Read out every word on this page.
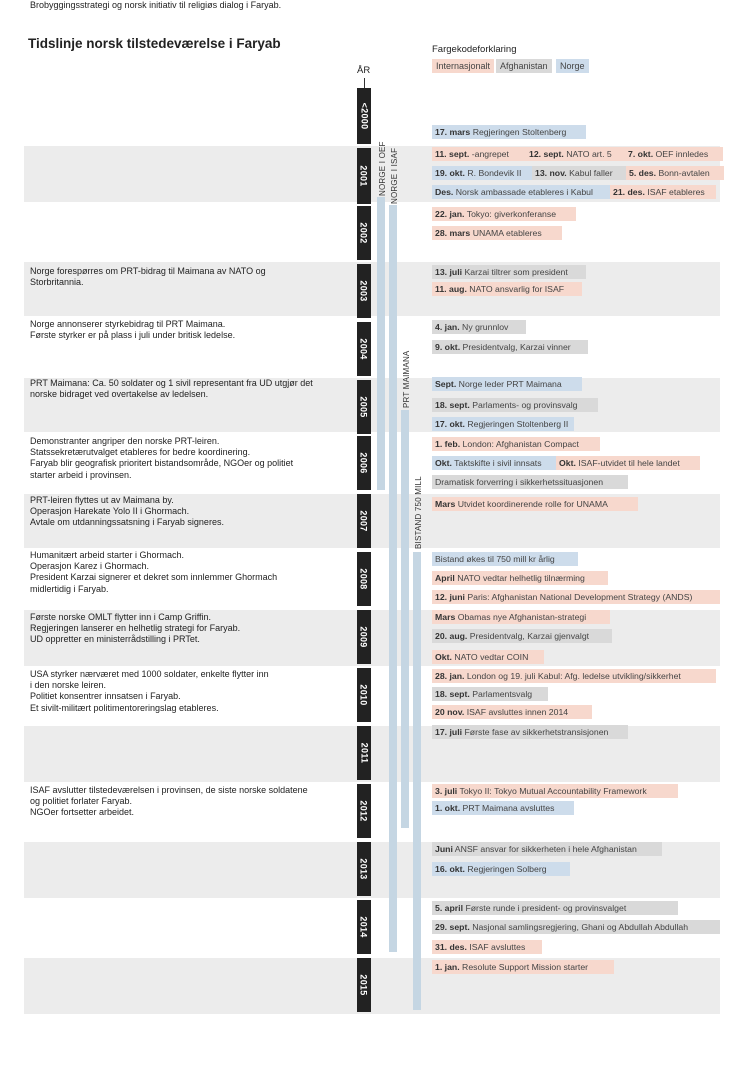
Tidslinje norsk tilstedeværelse i Faryab	Fargekodeforklaring
Internasjonalt	Afghanistan	Norge
ÅR
<2000
17. mars Regjeringen Stoltenberg
2001
11. sept. -angrepet	12. sept. NATO art. 5	7. okt. OEF innledes
19. okt. R. Bondevik II	13. nov. Kabul faller	5. des. Bonn-avtalen
Des. Norsk ambassade etableres i Kabul	21. des. ISAF etableres
2002
22. jan. Tokyo: giverkonferanse
28. mars UNAMA etableres
2003
Norge forespørres om PRT-bidrag til Maimana av NATO og
Storbritannia.
13. juli Karzai tiltrer som president
11. aug. NATO ansvarlig for ISAF
2004
Norge annonserer styrkebidrag til PRT Maimana.
Første styrker er på plass i juli under britisk ledelse.
4. jan. Ny grunnlov
9. okt. Presidentvalg, Karzai vinner
2005
PRT Maimana: Ca. 50 soldater og 1 sivil representant fra UD utgjør det
norske bidraget ved overtakelse av ledelsen.
Sept. Norge leder PRT Maimana
18. sept. Parlaments- og provinsvalg
17. okt. Regjeringen Stoltenberg II
2006
Demonstranter angriper den norske PRT-leiren.
Statssekretærutvalget etableres for bedre koordinering.
Faryab blir geografisk prioritert bistandsområde, NGOer og politiet
starter arbeid i provinsen.
1. feb. London: Afghanistan Compact
Okt. Taktskifte i sivil innsats	Okt. ISAF-utvidet til hele landet
Dramatisk forverring i sikkerhetssituasjonen
2007
PRT-leiren flyttes ut av Maimana by.
Operasjon Harekate Yolo II i Ghormach.
Avtale om utdanningssatsning i Faryab signeres.
Mars Utvidet koordinerende rolle for UNAMA
2008
Humanitært arbeid starter i Ghormach.
Operasjon Karez i Ghormach.
President Karzai signerer et dekret som innlemmer Ghormach
midlertidig i Faryab.
Bistand økes til 750 mill kr årlig
April NATO vedtar helhetlig tilnærming
12. juni Paris: Afghanistan National Development Strategy (ANDS)
2009
Første norske OMLT flytter inn i Camp Griffin.
Regjeringen lanserer en helhetlig strategi for Faryab.
UD oppretter en ministerrådstilling i PRTet.
Mars Obamas nye Afghanistan-strategi
20. aug. Presidentvalg, Karzai gjenvalgt
Okt. NATO vedtar COIN
2010
USA styrker nærværet med 1000 soldater, enkelte flytter inn
i den norske leiren.
Politiet konsentrer innsatsen i Faryab.
Et sivilt-militært politimentoreringslag etableres.
28. jan. London og 19. juli Kabul: Afg. ledelse utvikling/sikkerhet
18. sept. Parlamentsvalg
20 nov. ISAF avsluttes innen 2014
2011
Brobyggingsstrategi og norsk initiativ til religiøs dialog i Faryab.
17. juli Første fase av sikkerhetstransisjonen
2012
ISAF avslutter tilstedeværelsen i provinsen, de siste norske soldatene
og politiet forlater Faryab.
NGOer fortsetter arbeidet.
3. juli Tokyo II: Tokyo Mutual Accountability Framework
1. okt. PRT Maimana avsluttes
2013
Juni ANSF ansvar for sikkerheten i hele Afghanistan
16. okt. Regjeringen Solberg
2014
5. april Første runde i president- og provinsvalget
29. sept. Nasjonal samlingsregjering, Ghani og Abdullah Abdullah
31. des. ISAF avsluttes
2015
1. jan. Resolute Support Mission starter
NORGE I OEF NORGE I ISAF
PRT MAIMANA
BISTAND 750 MILL
